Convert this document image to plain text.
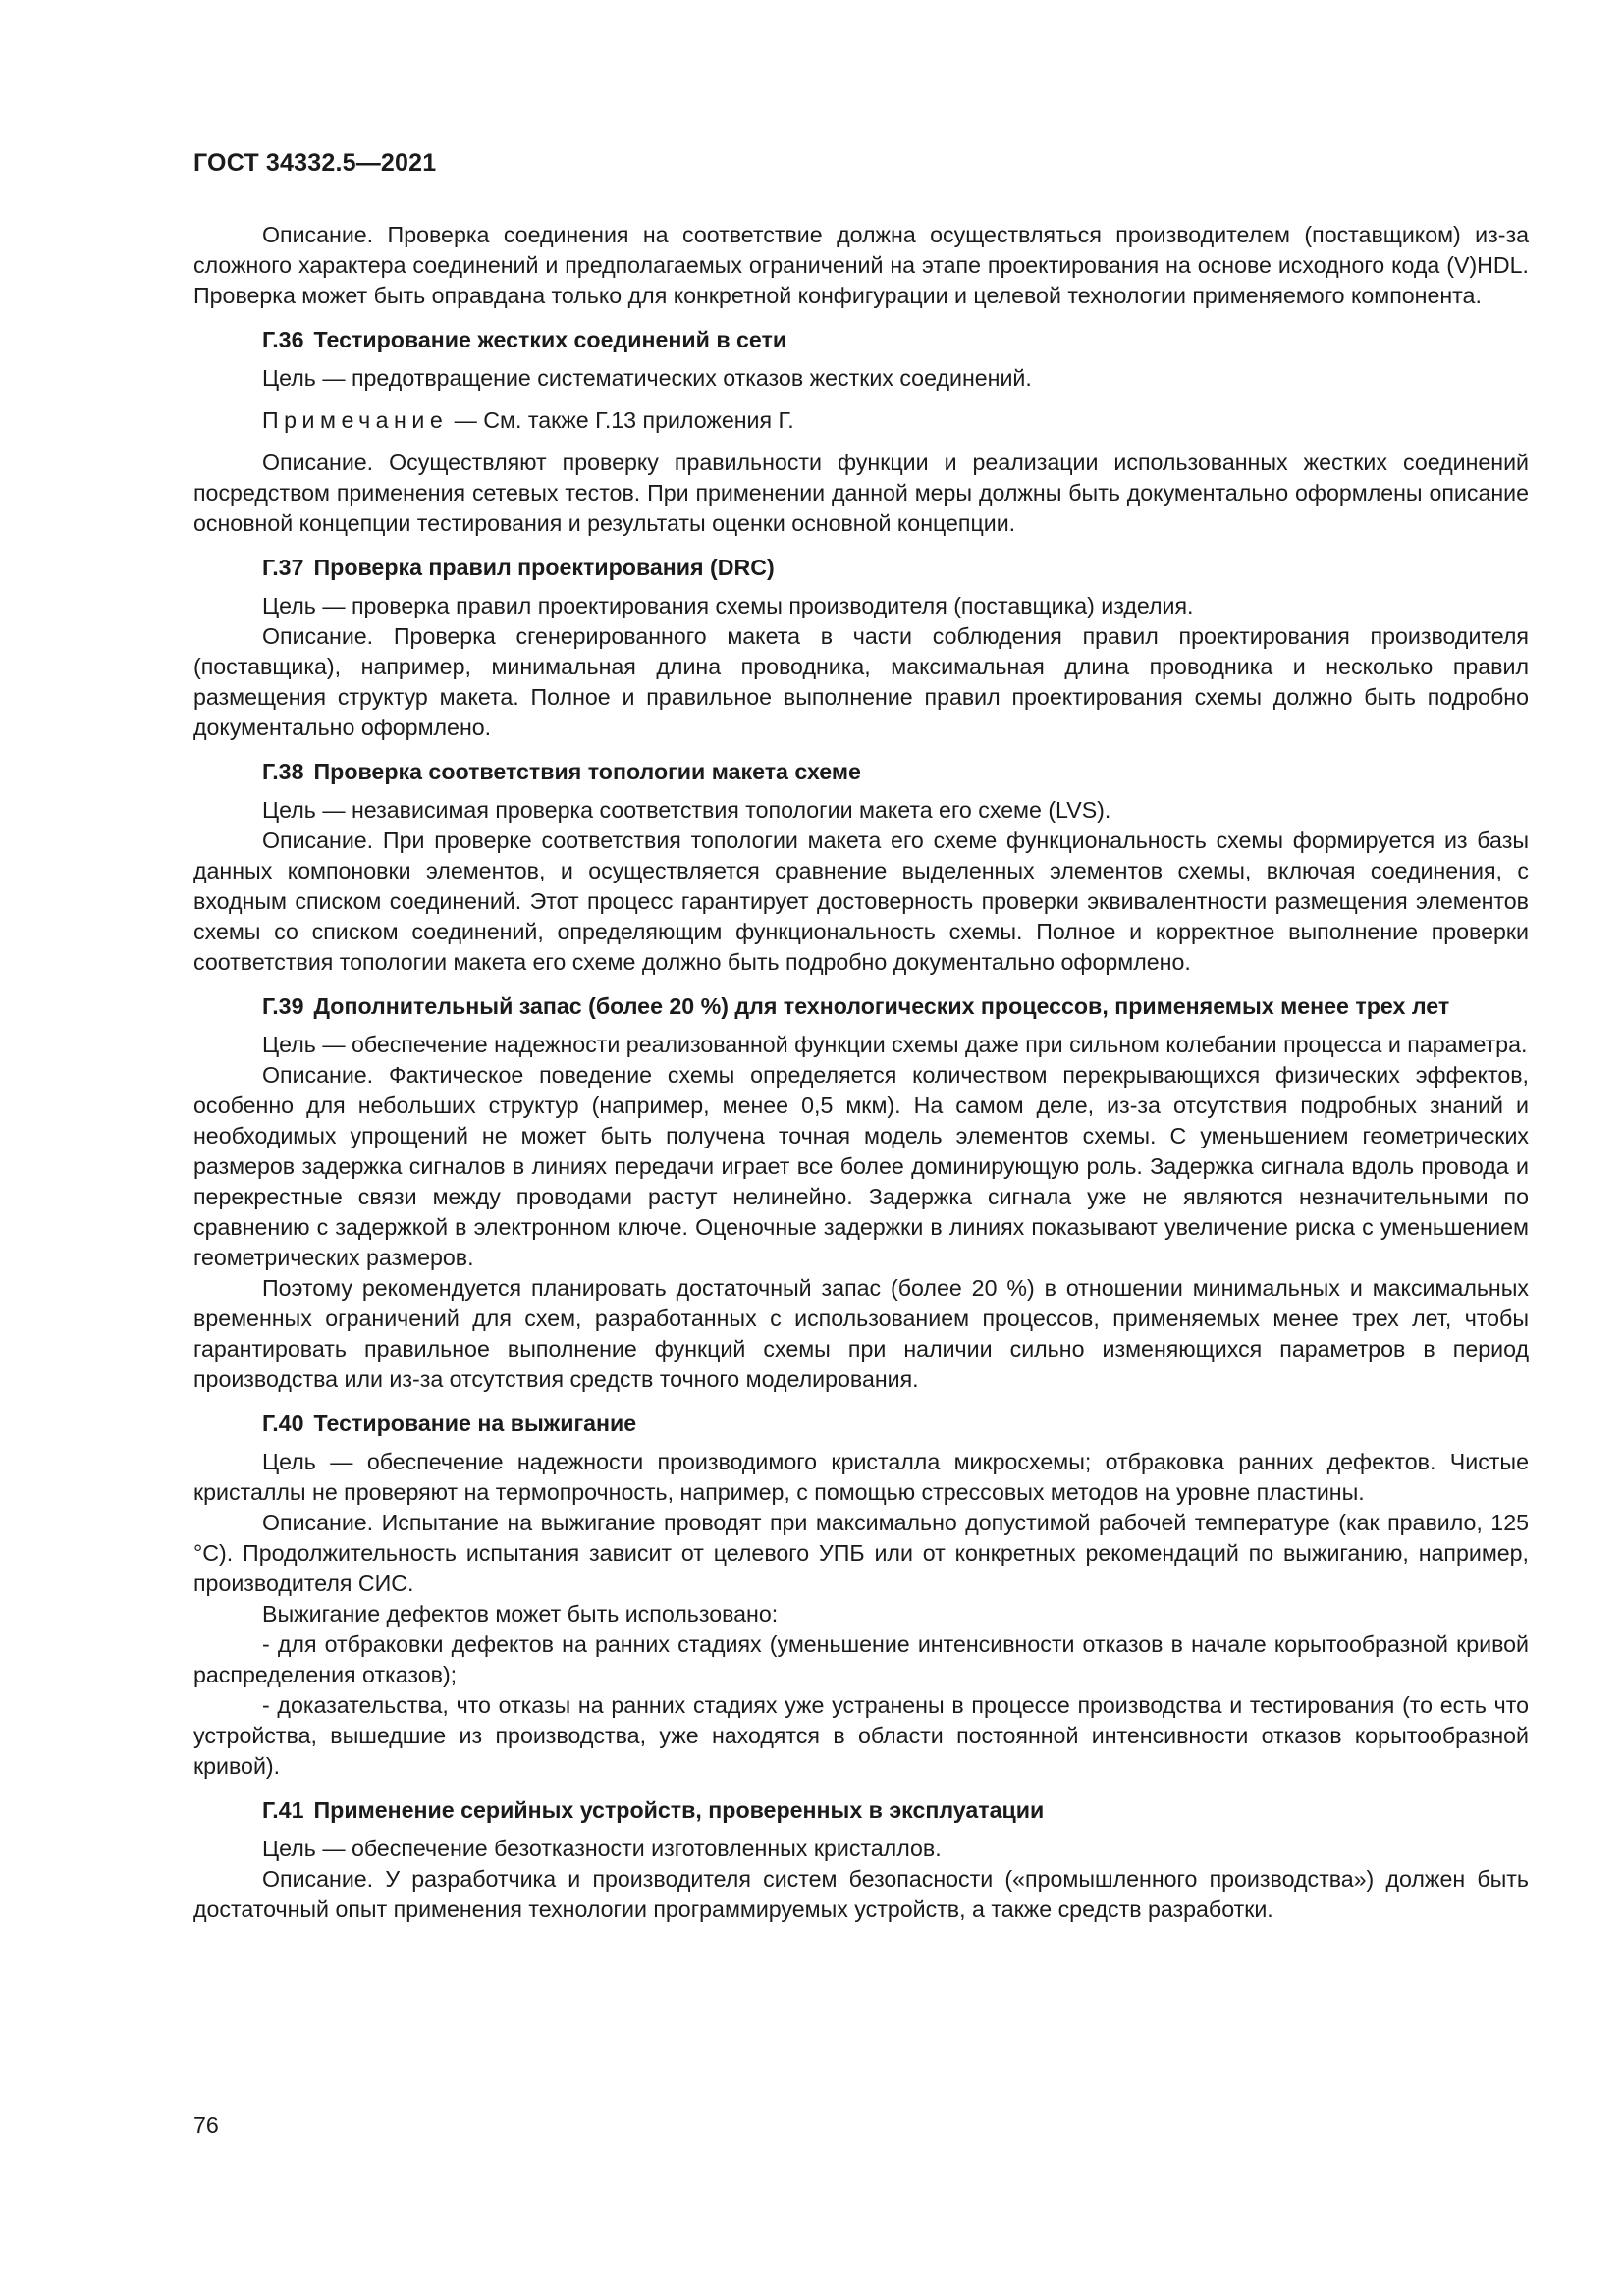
ГОСТ 34332.5—2021

Описание. Проверка соединения на соответствие должна осуществляться производителем (поставщиком) из-за сложного характера соединений и предполагаемых ограничений на этапе проектирования на основе исходного кода (V)HDL. Проверка может быть оправдана только для конкретной конфигурации и целевой технологии применяемого компонента.

Г.36 Тестирование жестких соединений в сети

Цель — предотвращение систематических отказов жестких соединений.

Примечание — См. также Г.13 приложения Г.

Описание. Осуществляют проверку правильности функции и реализации использованных жестких соединений посредством применения сетевых тестов. При применении данной меры должны быть документально оформлены описание основной концепции тестирования и результаты оценки основной концепции.

Г.37 Проверка правил проектирования (DRC)

Цель — проверка правил проектирования схемы производителя (поставщика) изделия.

Описание. Проверка сгенерированного макета в части соблюдения правил проектирования производителя (поставщика), например, минимальная длина проводника, максимальная длина проводника и несколько правил размещения структур макета. Полное и правильное выполнение правил проектирования схемы должно быть подробно документально оформлено.

Г.38 Проверка соответствия топологии макета схеме

Цель — независимая проверка соответствия топологии макета его схеме (LVS).

Описание. При проверке соответствия топологии макета его схеме функциональность схемы формируется из базы данных компоновки элементов, и осуществляется сравнение выделенных элементов схемы, включая соединения, с входным списком соединений. Этот процесс гарантирует достоверность проверки эквивалентности размещения элементов схемы со списком соединений, определяющим функциональность схемы. Полное и корректное выполнение проверки соответствия топологии макета его схеме должно быть подробно документально оформлено.

Г.39 Дополнительный запас (более 20 %) для технологических процессов, применяемых менее трех лет

Цель — обеспечение надежности реализованной функции схемы даже при сильном колебании процесса и параметра.

Описание. Фактическое поведение схемы определяется количеством перекрывающихся физических эффектов, особенно для небольших структур (например, менее 0,5 мкм). На самом деле, из-за отсутствия подробных знаний и необходимых упрощений не может быть получена точная модель элементов схемы. С уменьшением геометрических размеров задержка сигналов в линиях передачи играет все более доминирующую роль. Задержка сигнала вдоль провода и перекрестные связи между проводами растут нелинейно. Задержка сигнала уже не являются незначительными по сравнению с задержкой в электронном ключе. Оценочные задержки в линиях показывают увеличение риска с уменьшением геометрических размеров.

Поэтому рекомендуется планировать достаточный запас (более 20 %) в отношении минимальных и максимальных временных ограничений для схем, разработанных с использованием процессов, применяемых менее трех лет, чтобы гарантировать правильное выполнение функций схемы при наличии сильно изменяющихся параметров в период производства или из-за отсутствия средств точного моделирования.

Г.40 Тестирование на выжигание

Цель — обеспечение надежности производимого кристалла микросхемы; отбраковка ранних дефектов. Чистые кристаллы не проверяют на термопрочность, например, с помощью стрессовых методов на уровне пластины.

Описание. Испытание на выжигание проводят при максимально допустимой рабочей температуре (как правило, 125 °С). Продолжительность испытания зависит от целевого УПБ или от конкретных рекомендаций по выжиганию, например, производителя СИС.

Выжигание дефектов может быть использовано:

- для отбраковки дефектов на ранних стадиях (уменьшение интенсивности отказов в начале корытообразной кривой распределения отказов);

- доказательства, что отказы на ранних стадиях уже устранены в процессе производства и тестирования (то есть что устройства, вышедшие из производства, уже находятся в области постоянной интенсивности отказов корытообразной кривой).

Г.41 Применение серийных устройств, проверенных в эксплуатации

Цель — обеспечение безотказности изготовленных кристаллов.

Описание. У разработчика и производителя систем безопасности («промышленного производства») должен быть достаточный опыт применения технологии программируемых устройств, а также средств разработки.

76
